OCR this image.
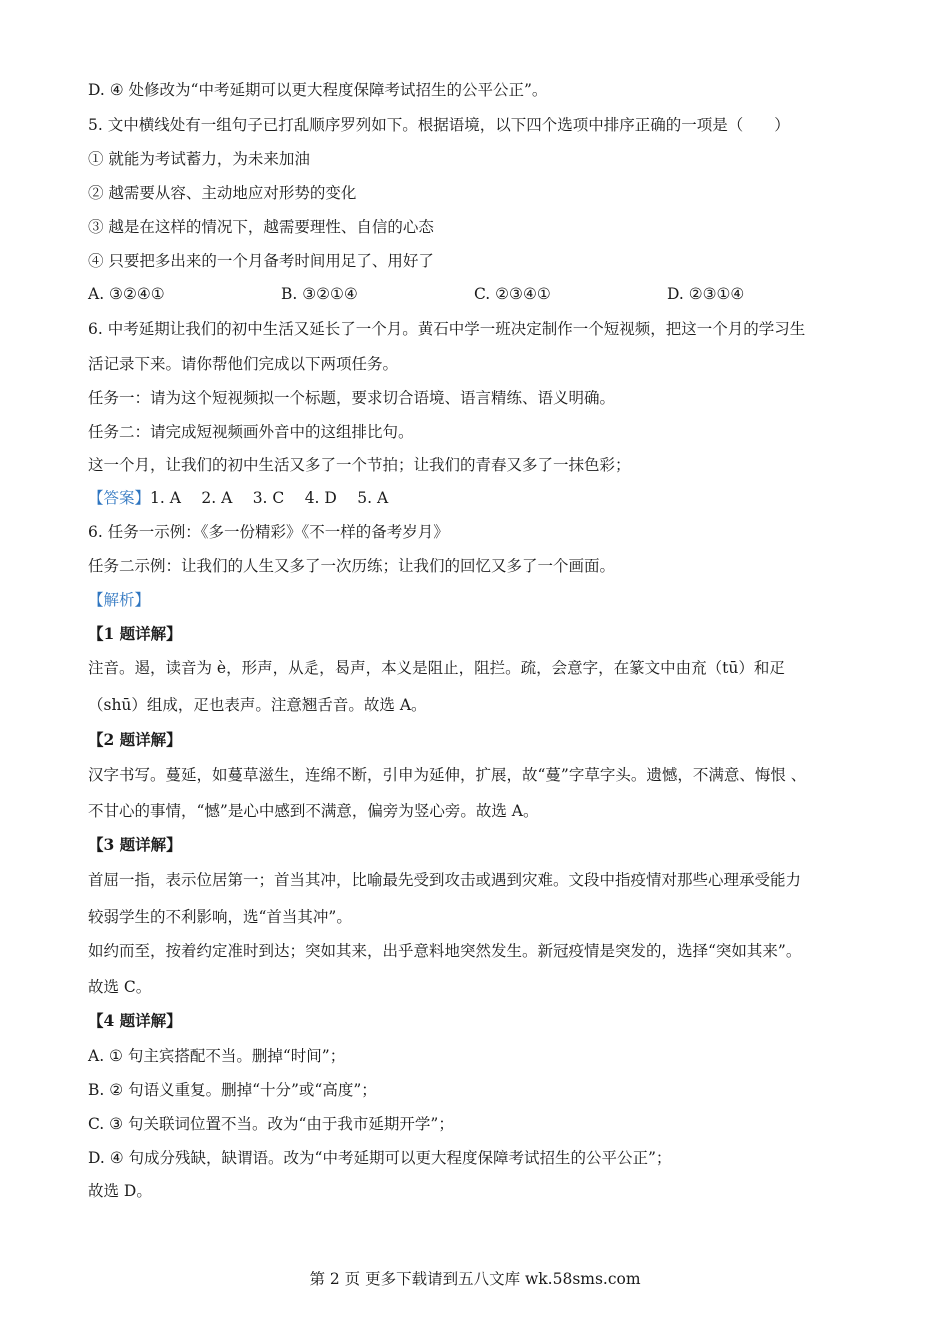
D. ④ 处修改为“中考延期可以更大程度保障考试招生的公平公正”。
5. 文中横线处有一组句子已打乱顺序罗列如下。根据语境，以下四个选项中排序正确的一项是（　　）
① 就能为考试蓄力，为未来加油
② 越需要从容、主动地应对形势的变化
③ 越是在这样的情况下，越需要理性、自信的心态
④ 只要把多出来的一个月备考时间用足了、用好了
A. ③②④①	B. ③②①④	C. ②③④①	D. ②③①④
6. 中考延期让我们的初中生活又延长了一个月。黄石中学一班决定制作一个短视频，把这一个月的学习生
活记录下来。请你帮他们完成以下两项任务。
任务一：请为这个短视频拟一个标题，要求切合语境、语言精练、语义明确。
任务二：请完成短视频画外音中的这组排比句。
这一个月，让我们的初中生活又多了一个节拍；让我们的青春又多了一抹色彩；
【答案】1. A　 2. A　 3. C　 4. D　 5. A
6. 任务一示例：《多一份精彩》《不一样的备考岁月》
任务二示例：让我们的人生又多了一次历练；让我们的回忆又多了一个画面。
【解析】
【1 题详解】
注音。遏，读音为 è，形声，从辵，曷声，本义是阻止，阻拦。疏，会意字，在篆文中由㐬（tū）和疋
（shū）组成，疋也表声。注意翘舌音。故选 A。
【2 题详解】
汉字书写。蔓延，如蔓草滋生，连绵不断，引申为延伸，扩展，故“蔓”字草字头。遗憾，不满意、悔恨 、
不甘心的事情，“憾”是心中感到不满意，偏旁为竖心旁。故选 A。
【3 题详解】
首屈一指，表示位居第一；首当其冲，比喻最先受到攻击或遇到灾难。文段中指疫情对那些心理承受能力
较弱学生的不利影响，选“首当其冲”。
如约而至，按着约定准时到达；突如其来，出乎意料地突然发生。新冠疫情是突发的，选择“突如其来”。
故选 C。
【4 题详解】
A. ① 句主宾搭配不当。删掉“时间”；
B. ② 句语义重复。删掉“十分”或“高度”；
C. ③ 句关联词位置不当。改为“由于我市延期开学”；
D. ④ 句成分残缺，缺谓语。改为“中考延期可以更大程度保障考试招生的公平公正”；
故选 D。
第 2 页 更多下载请到五八文库 wk.58sms.com
